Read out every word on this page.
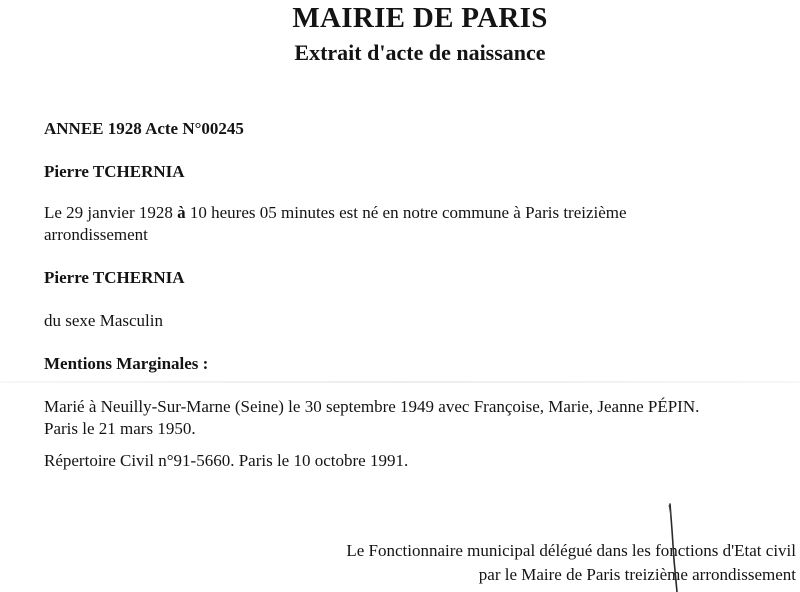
MAIRIE DE PARIS
Extrait d'acte de naissance
ANNEE 1928 Acte N°00245
Pierre TCHERNIA
Le 29 janvier 1928 à 10 heures 05 minutes est né en notre commune à Paris treizième
arrondissement
Pierre TCHERNIA
du sexe Masculin
Mentions Marginales :
Marié à Neuilly-Sur-Marne (Seine) le 30 septembre 1949 avec Françoise, Marie, Jeanne PÉPIN.
Paris le 21 mars 1950.
Répertoire Civil n°91-5660. Paris le 10 octobre 1991.
Le Fonctionnaire municipal délégué dans les fonctions d'Etat civil
par le Maire de Paris treizième arrondissement
